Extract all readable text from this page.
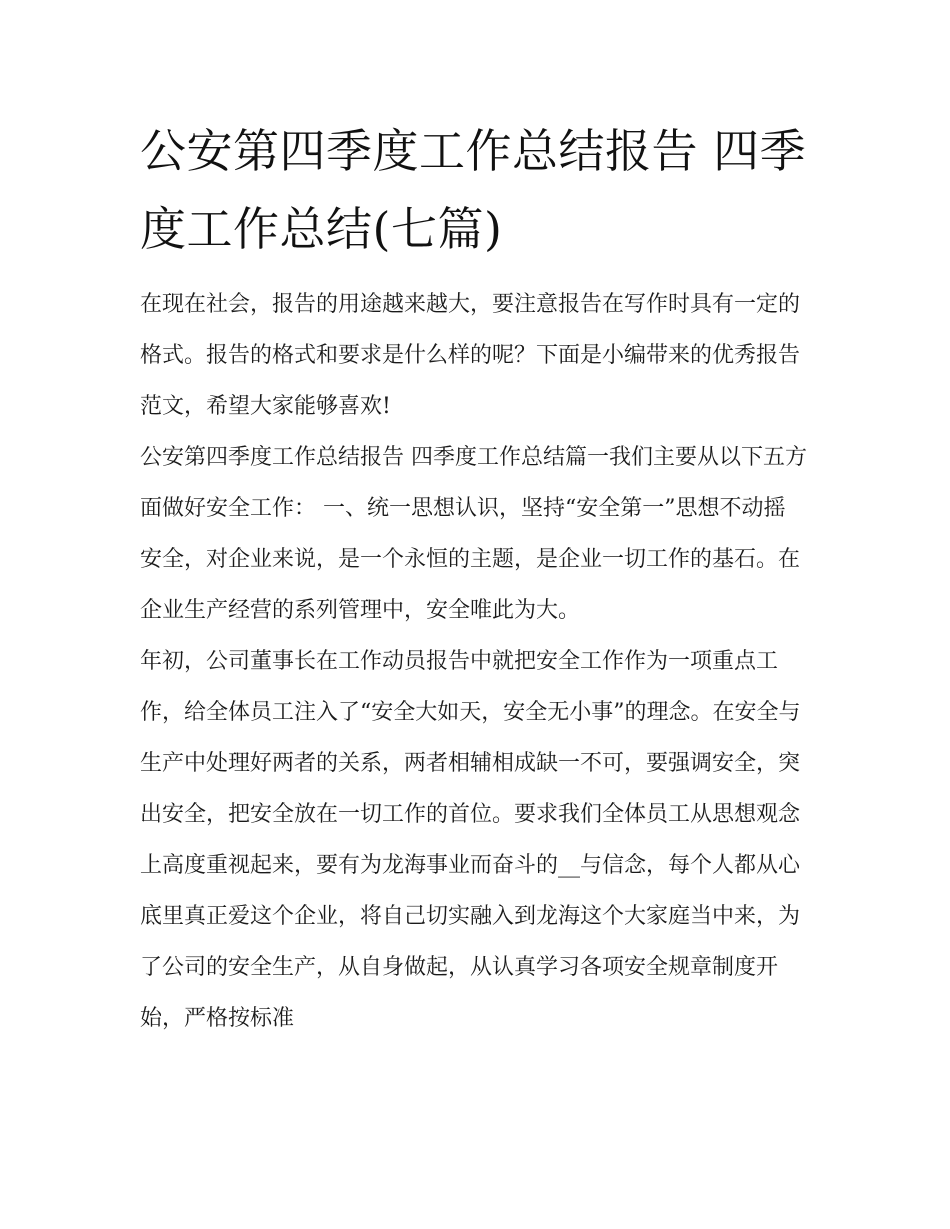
公安第四季度工作总结报告 四季度工作总结(七篇)

在现在社会，报告的用途越来越大，要注意报告在写作时具有一定的格式。报告的格式和要求是什么样的呢？下面是小编带来的优秀报告范文，希望大家能够喜欢!

公安第四季度工作总结报告 四季度工作总结篇一我们主要从以下五方面做好安全工作： 一、统一思想认识，坚持“安全第一”思想不动摇

安全，对企业来说，是一个永恒的主题，是企业一切工作的基石。在企业生产经营的系列管理中，安全唯此为大。

年初，公司董事长在工作动员报告中就把安全工作作为一项重点工作，给全体员工注入了“安全大如天，安全无小事”的理念。在安全与生产中处理好两者的关系，两者相辅相成缺一不可，要强调安全，突出安全，把安全放在一切工作的首位。要求我们全体员工从思想观念上高度重视起来，要有为龙海事业而奋斗的__与信念，每个人都从心底里真正爱这个企业，将自己切实融入到龙海这个大家庭当中来，为了公司的安全生产，从自身做起，从认真学习各项安全规章制度开始，严格按标准
